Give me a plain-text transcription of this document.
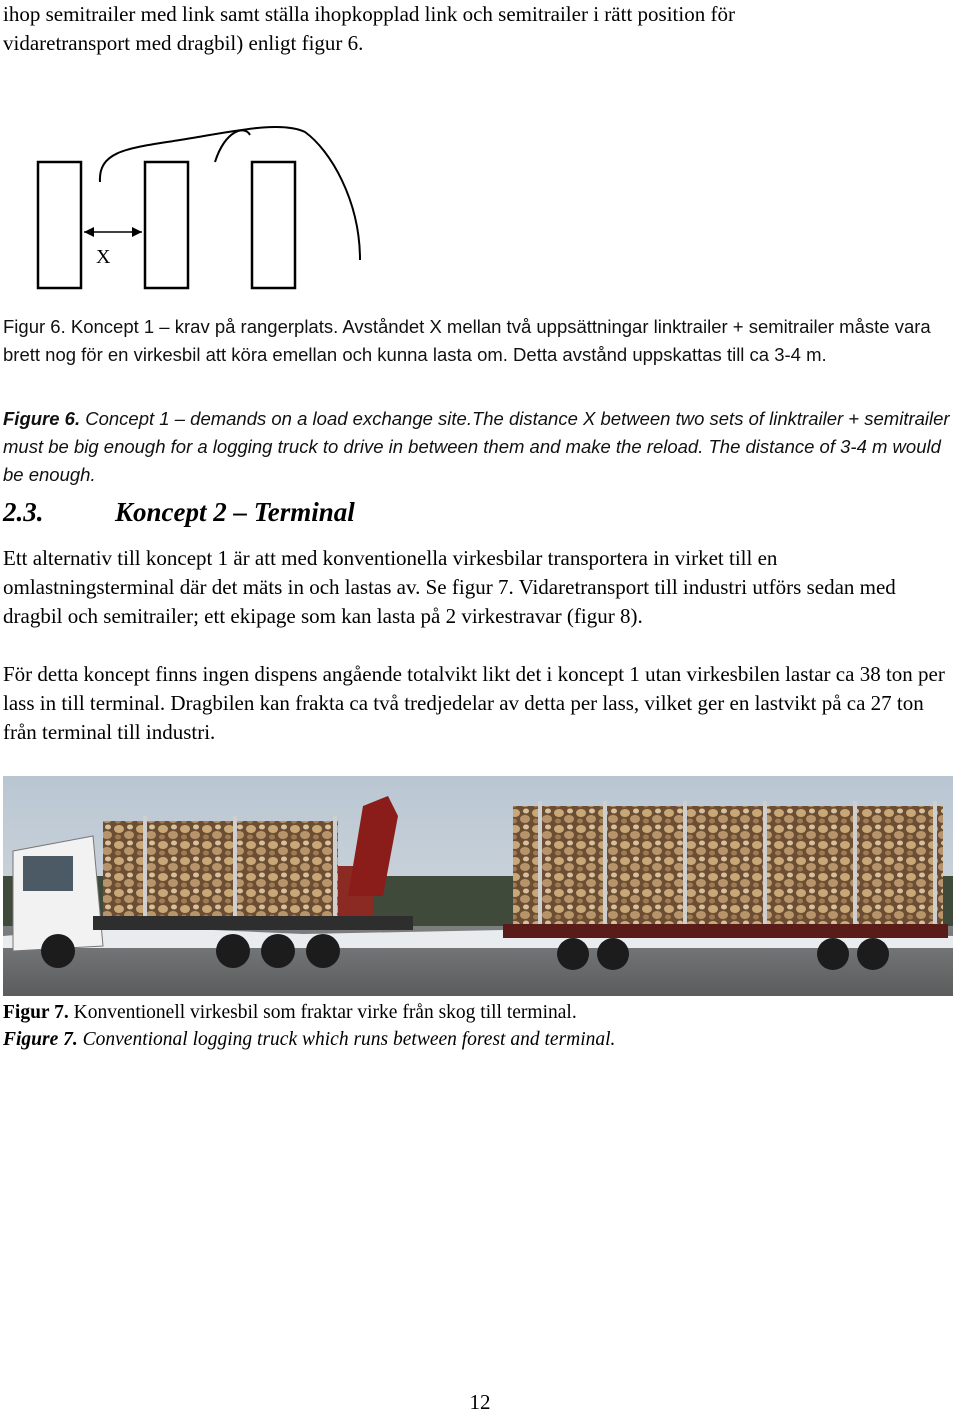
ihop semitrailer med link samt ställa ihopkopplad link och semitrailer i rätt position för
vidaretransport med dragbil) enligt figur 6.
X
Figur 6. Koncept 1 – krav på rangerplats. Avståndet X mellan två uppsättningar linktrailer + semitrailer måste vara brett nog för en virkesbil att köra emellan och kunna lasta om. Detta avstånd uppskattas till ca 3-4 m.
Figure 6. Concept 1 – demands on a load exchange site.The distance X between two sets of linktrailer + semitrailer must be big enough for a logging truck to drive in between them and make the reload. The distance of 3-4 m would be enough.
2.3.	Koncept 2 – Terminal
Ett alternativ till koncept 1 är att med konventionella virkesbilar transportera in virket till en omlastningsterminal där det mäts in och lastas av. Se figur 7. Vidaretransport till industri utförs sedan med dragbil och semitrailer; ett ekipage som kan lasta på 2 virkestravar (figur 8).
För detta koncept finns ingen dispens angående totalvikt likt det i koncept 1 utan virkesbilen lastar ca 38 ton per lass in till terminal. Dragbilen kan frakta ca två tredjedelar av detta per lass, vilket ger en lastvikt på ca 27 ton från terminal till industri.
Figur 7. Konventionell virkesbil som fraktar virke från skog till terminal.
Figure 7. Conventional logging truck which runs between forest and terminal.
12
